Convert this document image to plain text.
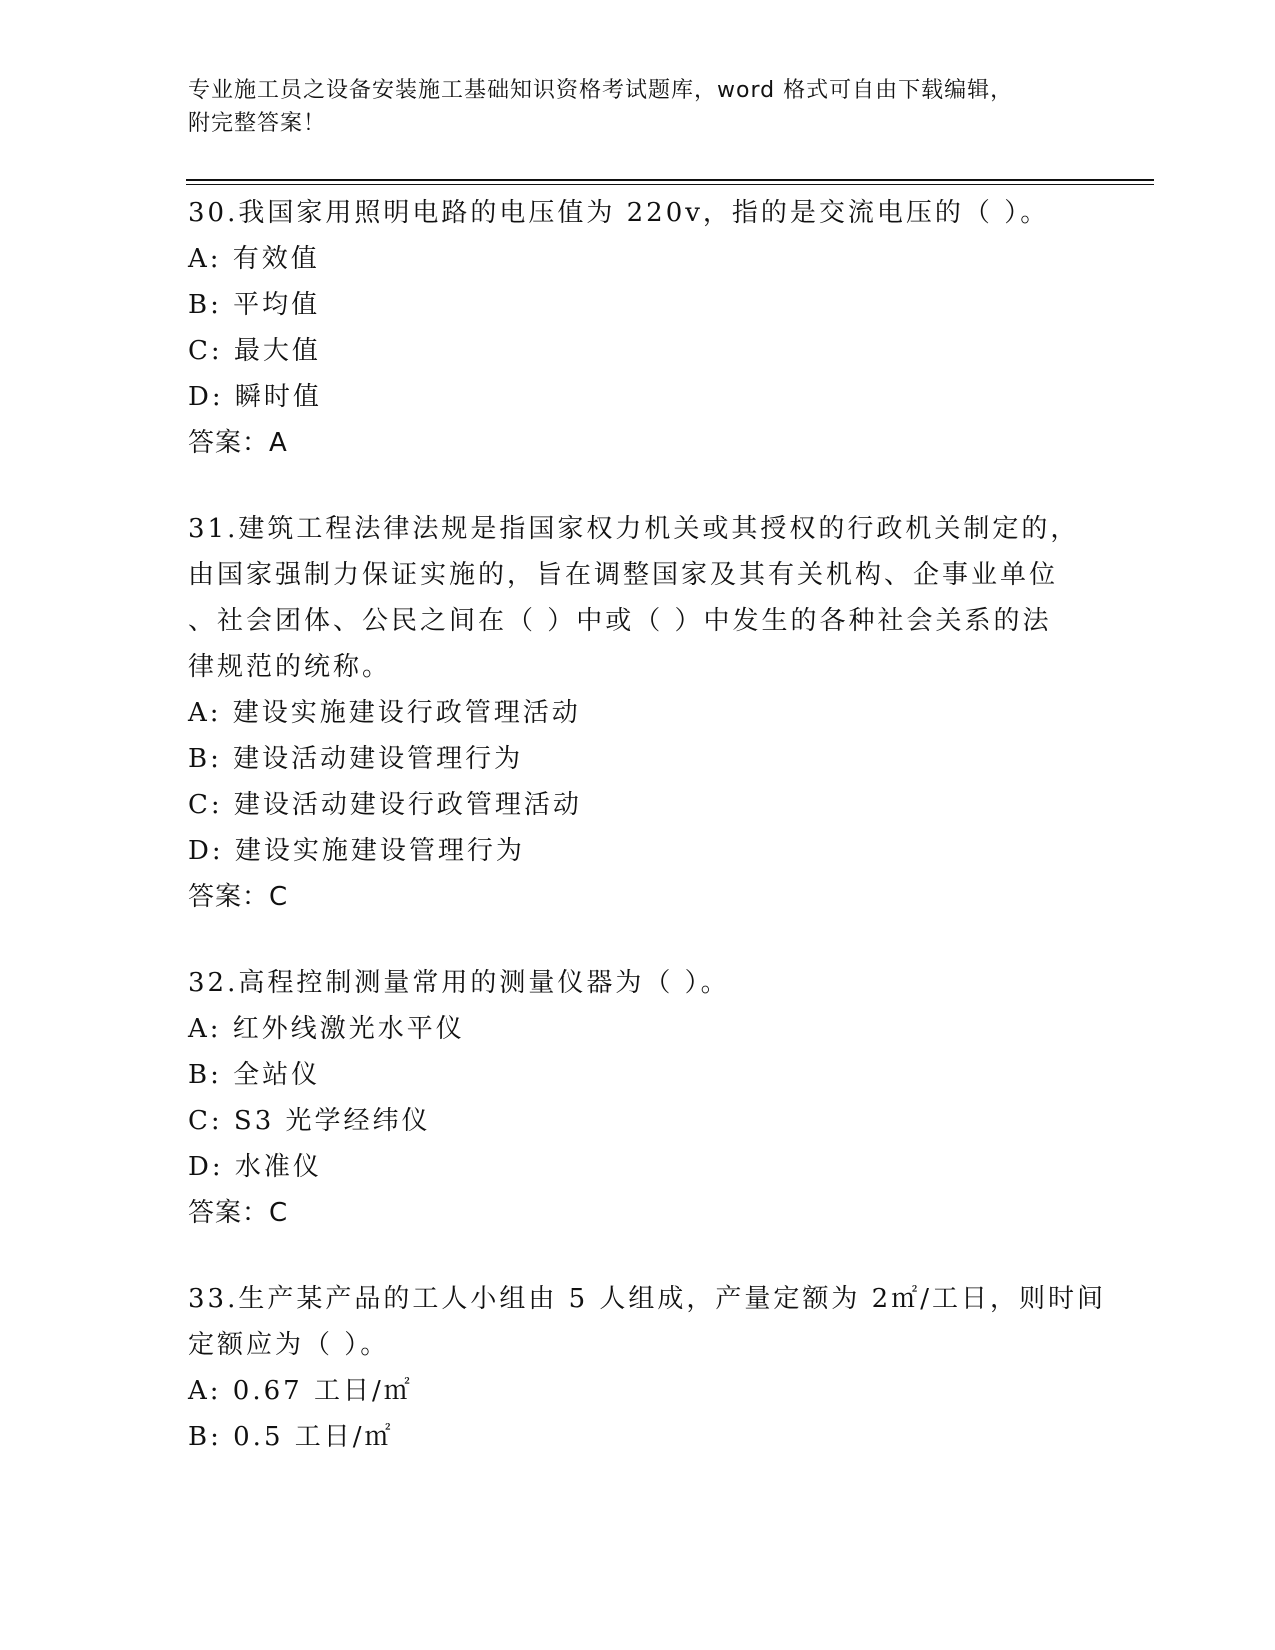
专业施工员之设备安装施工基础知识资格考试题库，word 格式可自由下载编辑，
附完整答案！
30.我国家用照明电路的电压值为 220v，指的是交流电压的（ ）。
A: 有效值
B: 平均值
C: 最大值
D: 瞬时值
答案：A
31.建筑工程法律法规是指国家权力机关或其授权的行政机关制定的，
由国家强制力保证实施的，旨在调整国家及其有关机构、企事业单位
、社会团体、公民之间在（ ）中或（ ）中发生的各种社会关系的法
律规范的统称。
A: 建设实施建设行政管理活动
B: 建设活动建设管理行为
C: 建设活动建设行政管理活动
D: 建设实施建设管理行为
答案：C
32.高程控制测量常用的测量仪器为（ ）。
A: 红外线激光水平仪
B: 全站仪
C: S3 光学经纬仪
D: 水准仪
答案：C
33.生产某产品的工人小组由 5 人组成，产量定额为 2㎡/工日，则时间
定额应为（ ）。
A: 0.67 工日/㎡
B: 0.5 工日/㎡
